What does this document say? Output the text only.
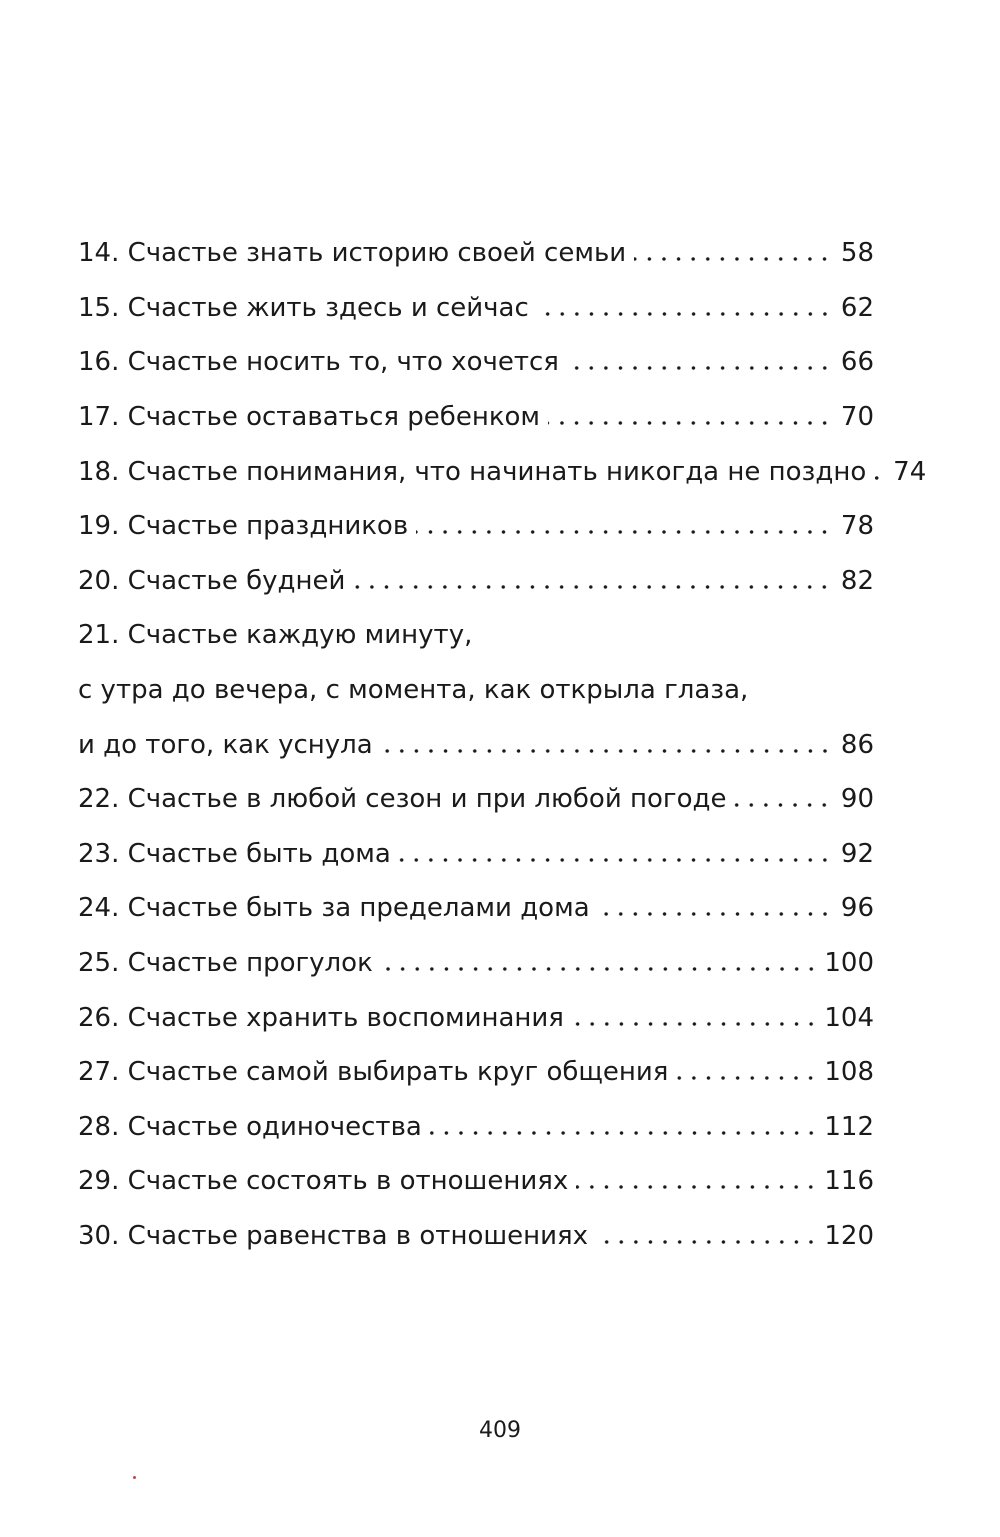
14. Счастье знать историю своей семьи	58
15. Счастье жить здесь и сейчас	62
16. Счастье носить то, что хочется	66
17. Счастье оставаться ребенком	70
18. Счастье понимания, что начинать никогда не поздно 74
19. Счастье праздников	78
20. Счастье будней	82
21. Счастье каждую минуту,
с утра до вечера, с момента, как открыла глаза,
и до того, как уснула	86
22. Счастье в любой сезон и при любой погоде	90
23. Счастье быть дома	92
24. Счастье быть за пределами дома	96
25. Счастье прогулок	100
26. Счастье хранить воспоминания	104
27. Счастье самой выбирать круг общения	108
28. Счастье одиночества	112
29. Счастье состоять в отношениях	116
30. Счастье равенства в отношениях	120
409
